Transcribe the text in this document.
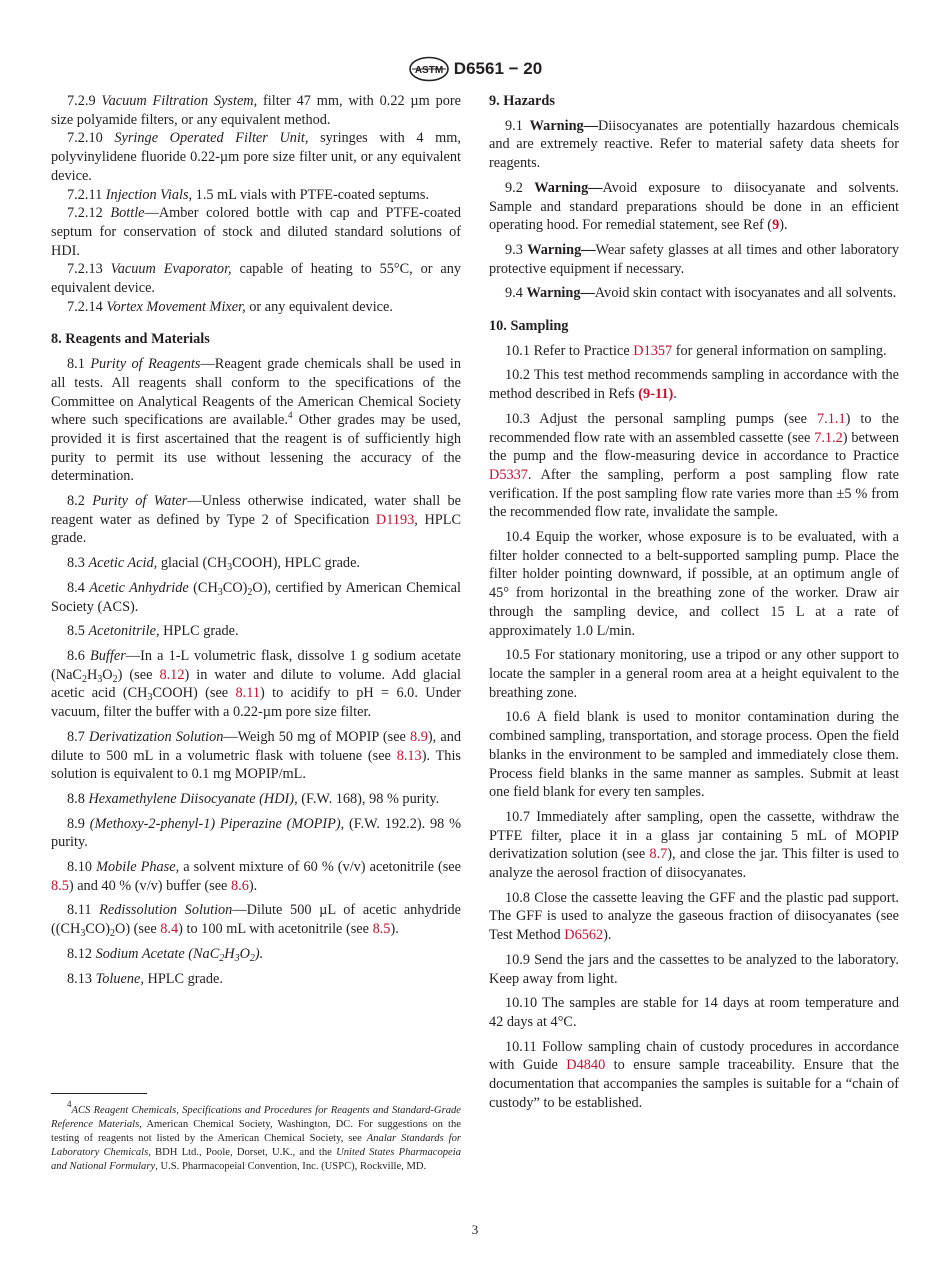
ASTM D6561 − 20

7.2.9 Vacuum Filtration System, filter 47 mm, with 0.22 µm pore size polyamide filters, or any equivalent method.

7.2.10 Syringe Operated Filter Unit, syringes with 4 mm, polyvinylidene fluoride 0.22-µm pore size filter unit, or any equivalent device.

7.2.11 Injection Vials, 1.5 mL vials with PTFE-coated septums.

7.2.12 Bottle—Amber colored bottle with cap and PTFE-coated septum for conservation of stock and diluted standard solutions of HDI.

7.2.13 Vacuum Evaporator, capable of heating to 55°C, or any equivalent device.

7.2.14 Vortex Movement Mixer, or any equivalent device.

8. Reagents and Materials

8.1 Purity of Reagents—Reagent grade chemicals shall be used in all tests. All reagents shall conform to the specifications of the Committee on Analytical Reagents of the American Chemical Society where such specifications are available.$^4$ Other grades may be used, provided it is first ascertained that the reagent is of sufficiently high purity to permit its use without lessening the accuracy of the determination.

8.2 Purity of Water—Unless otherwise indicated, water shall be reagent water as defined by Type 2 of Specification D1193, HPLC grade.

8.3 Acetic Acid, glacial $(CH_3COOH)$, HPLC grade.

8.4 Acetic Anhydride $(CH_3CO)_2O$), certified by American Chemical Society (ACS).

8.5 Acetonitrile, HPLC grade.

8.6 Buffer—In a 1-L volumetric flask, dissolve 1 g sodium acetate $(NaC_2H_3O_2)$ (see 8.12) in water and dilute to volume. Add glacial acetic acid $(CH_3COOH)$ (see 8.11) to acidify to pH = 6.0. Under vacuum, filter the buffer with a 0.22-µm pore size filter.

8.7 Derivatization Solution—Weigh 50 mg of MOPIP (see 8.9), and dilute to 500 mL in a volumetric flask with toluene (see 8.13). This solution is equivalent to 0.1 mg MOPIP/mL.

8.8 Hexamethylene Diisocyanate (HDI), (F.W. 168), 98 % purity.

8.9 (Methoxy-2-phenyl-1) Piperazine (MOPIP), (F.W. 192.2). 98 % purity.

8.10 Mobile Phase, a solvent mixture of 60 % (v/v) acetonitrile (see 8.5) and 40 % (v/v) buffer (see 8.6).

8.11 Redissolution Solution—Dilute 500 µL of acetic anhydride $((CH_3CO)_2O)$ (see 8.4) to 100 mL with acetonitrile (see 8.5).

8.12 Sodium Acetate $(NaC_2H_3O_2)$.

8.13 Toluene, HPLC grade.

$^4$ACS Reagent Chemicals, Specifications and Procedures for Reagents and Standard-Grade Reference Materials, American Chemical Society, Washington, DC. For suggestions on the testing of reagents not listed by the American Chemical Society, see Analar Standards for Laboratory Chemicals, BDH Ltd., Poole, Dorset, U.K., and the United States Pharmacopeia and National Formulary, U.S. Pharmacopeial Convention, Inc. (USPC), Rockville, MD.

9. Hazards

9.1 Warning—Diisocyanates are potentially hazardous chemicals and are extremely reactive. Refer to material safety data sheets for reagents.

9.2 Warning—Avoid exposure to diisocyanate and solvents. Sample and standard preparations should be done in an efficient operating hood. For remedial statement, see Ref (9).

9.3 Warning—Wear safety glasses at all times and other laboratory protective equipment if necessary.

9.4 Warning—Avoid skin contact with isocyanates and all solvents.

10. Sampling

10.1 Refer to Practice D1357 for general information on sampling.

10.2 This test method recommends sampling in accordance with the method described in Refs (9-11).

10.3 Adjust the personal sampling pumps (see 7.1.1) to the recommended flow rate with an assembled cassette (see 7.1.2) between the pump and the flow-measuring device in accordance to Practice D5337. After the sampling, perform a post sampling flow rate verification. If the post sampling flow rate varies more than ±5 % from the recommended flow rate, invalidate the sample.

10.4 Equip the worker, whose exposure is to be evaluated, with a filter holder connected to a belt-supported sampling pump. Place the filter holder pointing downward, if possible, at an optimum angle of 45° from horizontal in the breathing zone of the worker. Draw air through the sampling device, and collect 15 L at a rate of approximately 1.0 L/min.

10.5 For stationary monitoring, use a tripod or any other support to locate the sampler in a general room area at a height equivalent to the breathing zone.

10.6 A field blank is used to monitor contamination during the combined sampling, transportation, and storage process. Open the field blanks in the environment to be sampled and immediately close them. Process field blanks in the same manner as samples. Submit at least one field blank for every ten samples.

10.7 Immediately after sampling, open the cassette, withdraw the PTFE filter, place it in a glass jar containing 5 mL of MOPIP derivatization solution (see 8.7), and close the jar. This filter is used to analyze the aerosol fraction of diisocyanates.

10.8 Close the cassette leaving the GFF and the plastic pad support. The GFF is used to analyze the gaseous fraction of diisocyanates (see Test Method D6562).

10.9 Send the jars and the cassettes to be analyzed to the laboratory. Keep away from light.

10.10 The samples are stable for 14 days at room temperature and 42 days at 4°C.

10.11 Follow sampling chain of custody procedures in accordance with Guide D4840 to ensure sample traceability. Ensure that the documentation that accompanies the samples is suitable for a “chain of custody” to be established.

3
